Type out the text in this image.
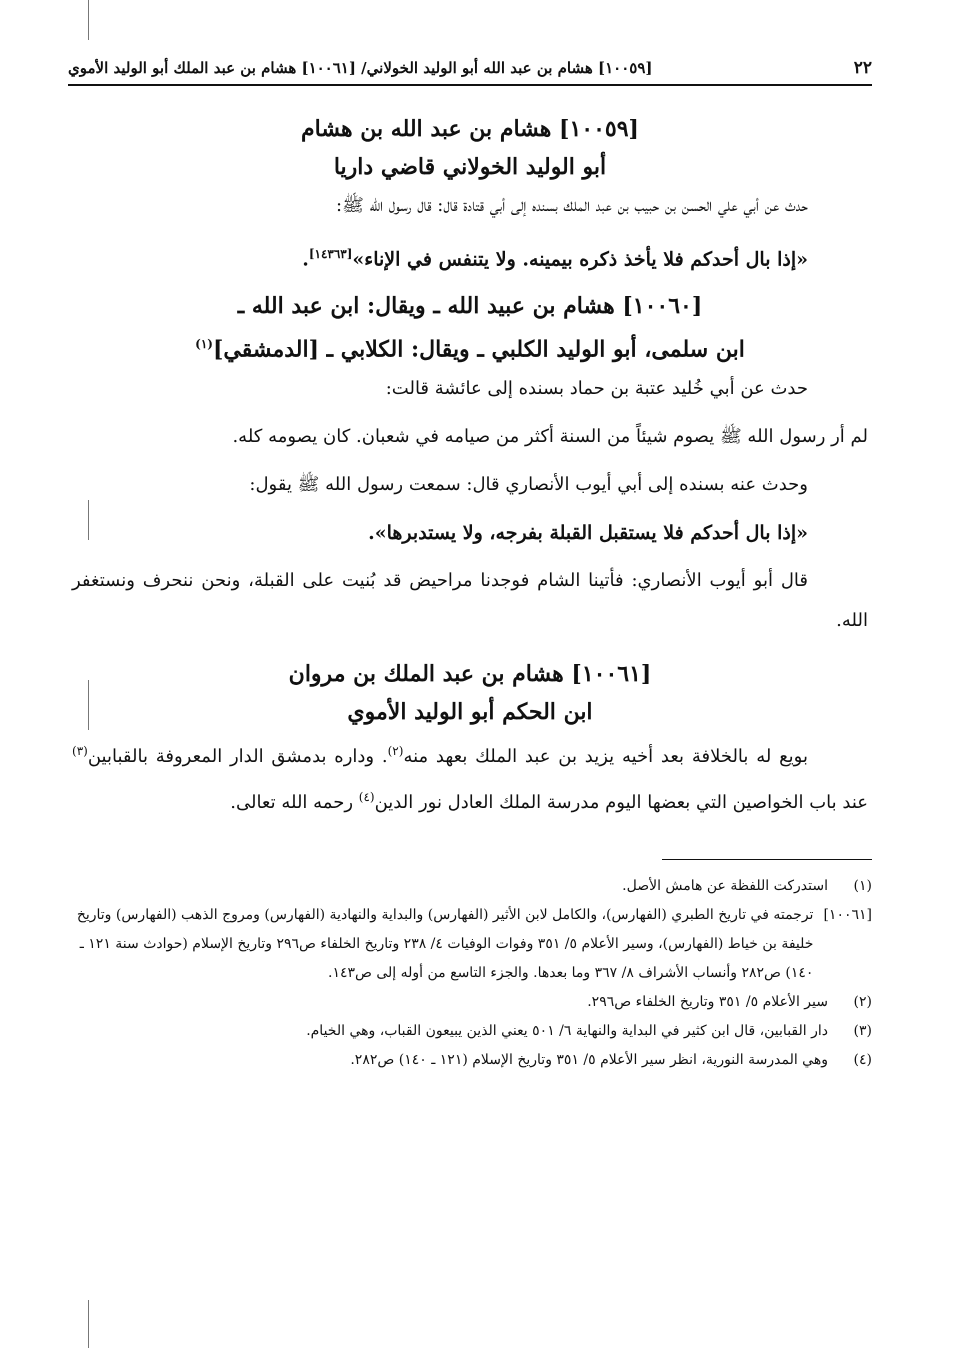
٢٢
[١٠٠٥٩] هشام بن عبد الله أبو الوليد الخولاني/ [١٠٠٦١] هشام بن عبد الملك أبو الوليد الأموي
[١٠٠٥٩] هشام بن عبد الله بن هشام
أبو الوليد الخولاني قاضي داريا

حدث عن أبي علي الحسن بن حبيب بن عبد الملك بسنده إلى أبي قتادة قال: قال رسول الله ﷺ:

«إذا بال أحدكم فلا يأخذ ذكره بيمينه. ولا يتنفس في الإناء»[١٤٣٦٣].

[١٠٠٦٠] هشام بن عبيد الله ـ ويقال: ابن عبد الله ـ
ابن سلمى، أبو الوليد الكلبي ـ ويقال: الكلابي ـ [الدمشقي]$^{(١)}$

حدث عن أبي خُليد عتبة بن حماد بسنده إلى عائشة قالت:

لم أر رسول الله ﷺ يصوم شيئاً من السنة أكثر من صيامه في شعبان. كان يصومه كله.

وحدث عنه بسنده إلى أبي أيوب الأنصاري قال: سمعت رسول الله ﷺ يقول:

«إذا بال أحدكم فلا يستقبل القبلة بفرجه، ولا يستدبرها».

قال أبو أيوب الأنصاري: فأتينا الشام فوجدنا مراحيض قد بُنيت على القبلة، ونحن ننحرف ونستغفر الله.

[١٠٠٦١] هشام بن عبد الملك بن مروان
ابن الحكم أبو الوليد الأموي

بويع له بالخلافة بعد أخيه يزيد بن عبد الملك بعهد منه$^{(٢)}$. وداره بدمشق الدار المعروفة بالقبابين$^{(٣)}$ عند باب الخواصين التي بعضها اليوم مدرسة الملك العادل نور الدين$^{(٤)}$ رحمه الله تعالى.

(١)
استدركت اللفظة عن هامش الأصل.
[١٠٠٦١]
ترجمته في تاريخ الطبري (الفهارس)، والكامل لابن الأثير (الفهارس) والبداية والنهادية (الفهارس) ومروج الذهب (الفهارس) وتاريخ خليفة بن خياط (الفهارس)، وسير الأعلام ٥/ ٣٥١ وفوات الوفيات ٤/ ٢٣٨ وتاريخ الخلفاء ص٢٩٦ وتاريخ الإسلام (حوادث سنة ١٢١ ـ ١٤٠) ص٢٨٢ وأنساب الأشراف ٨/ ٣٦٧ وما بعدها. والجزء التاسع من أوله إلى ص١٤٣.
(٢)
سير الأعلام ٥/ ٣٥١ وتاريخ الخلفاء ص٢٩٦.
(٣)
دار القبابين، قال ابن كثير في البداية والنهاية ٦/ ٥٠١ يعني الذين يبيعون القباب، وهي الخيام.
(٤)
وهي المدرسة النورية، انظر سير الأعلام ٥/ ٣٥١ وتاريخ الإسلام (١٢١ ـ ١٤٠) ص٢٨٢.
